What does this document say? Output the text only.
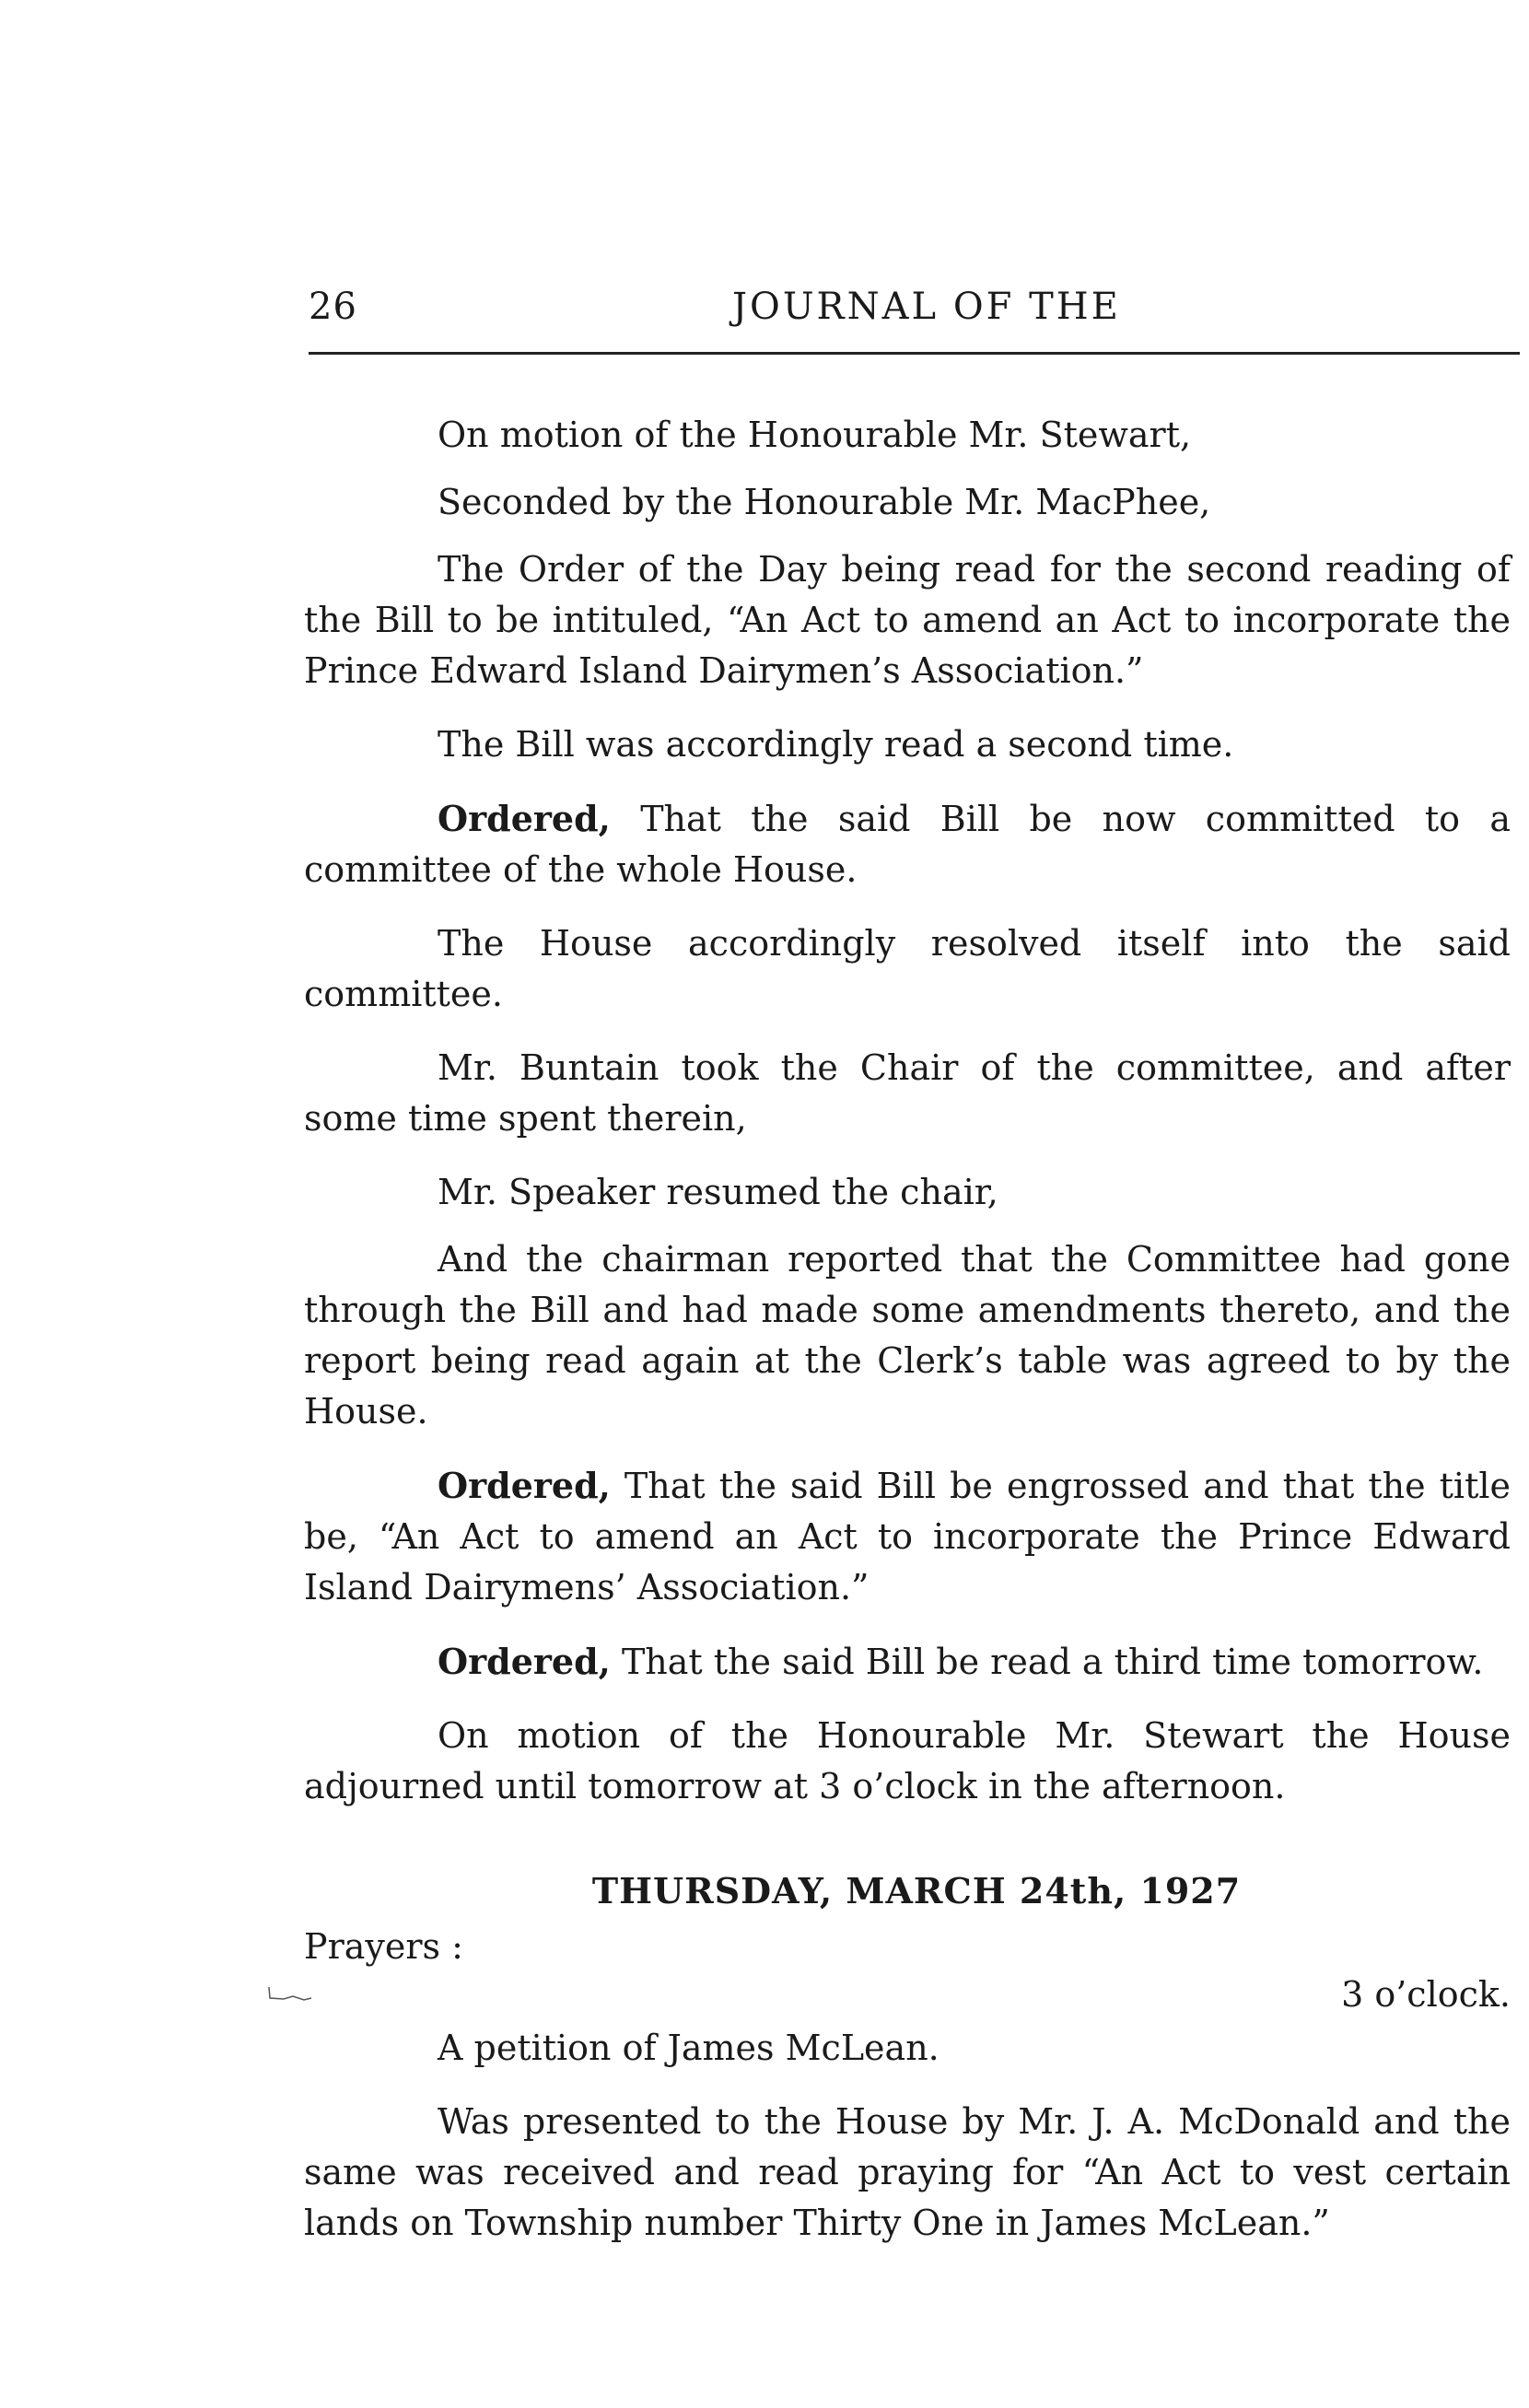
26	JOURNAL OF THE

On motion of the Honourable Mr. Stewart,

Seconded by the Honourable Mr. MacPhee,

The Order of the Day being read for the second reading of the Bill to be intituled, “An Act to amend an Act to incorporate the Prince Edward Island Dairymen’s Association.”

The Bill was accordingly read a second time.

Ordered, That the said Bill be now committed to a committee of the whole House.

The House accordingly resolved itself into the said committee.

Mr. Buntain took the Chair of the committee, and after some time spent therein,

Mr. Speaker resumed the chair,

And the chairman reported that the Committee had gone through the Bill and had made some amendments thereto, and the report being read again at the Clerk’s table was agreed to by the House.

Ordered, That the said Bill be engrossed and that the title be, “An Act to amend an Act to incorporate the Prince Edward Island Dairymens’ Association.”

Ordered, That the said Bill be read a third time tomorrow.

On motion of the Honourable Mr. Stewart the House adjourned until tomorrow at 3 o’clock in the afternoon.

THURSDAY, MARCH 24th, 1927
Prayers :
3 o’clock.

A petition of James McLean.

Was presented to the House by Mr. J. A. McDonald and the same was received and read praying for “An Act to vest certain lands on Township number Thirty One in James McLean.”
